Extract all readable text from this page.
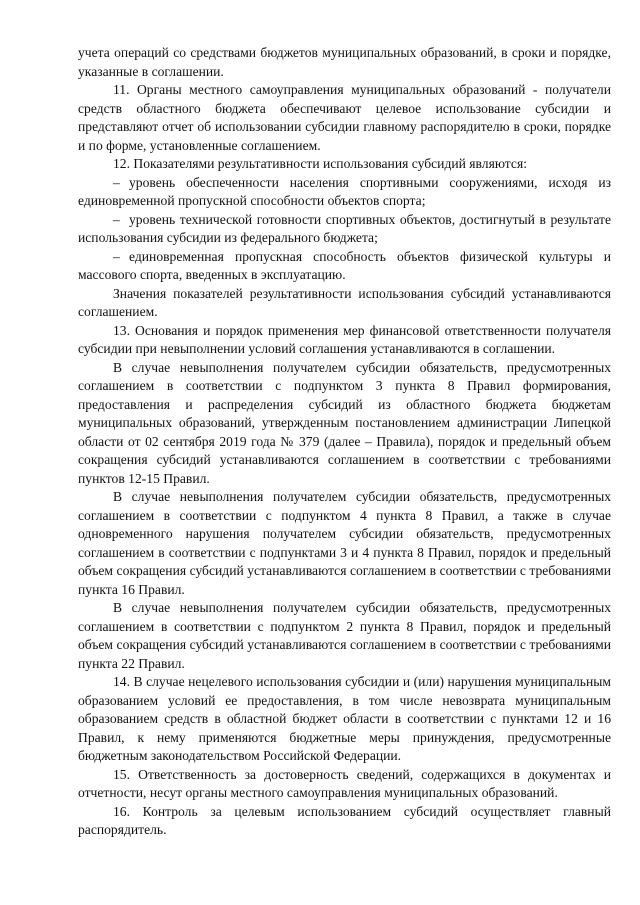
учета операций со средствами бюджетов муниципальных образований, в сроки и порядке, указанные в соглашении.

11. Органы местного самоуправления муниципальных образований - получатели средств областного бюджета обеспечивают целевое использование субсидии и представляют отчет об использовании субсидии главному распорядителю в сроки, порядке и по форме, установленные соглашением.

12. Показателями результативности использования субсидий являются:

– уровень обеспеченности населения спортивными сооружениями, исходя из единовременной пропускной способности объектов спорта;

– уровень технической готовности спортивных объектов, достигнутый в результате использования субсидии из федерального бюджета;

– единовременная пропускная способность объектов физической культуры и массового спорта, введенных в эксплуатацию.

Значения показателей результативности использования субсидий устанавливаются соглашением.

13. Основания и порядок применения мер финансовой ответственности получателя субсидии при невыполнении условий соглашения устанавливаются в соглашении.

В случае невыполнения получателем субсидии обязательств, предусмотренных соглашением в соответствии с подпунктом 3 пункта 8 Правил формирования, предоставления и распределения субсидий из областного бюджета бюджетам муниципальных образований, утвержденным постановлением администрации Липецкой области от 02 сентября 2019 года № 379 (далее – Правила), порядок и предельный объем сокращения субсидий устанавливаются соглашением в соответствии с требованиями пунктов 12-15 Правил.

В случае невыполнения получателем субсидии обязательств, предусмотренных соглашением в соответствии с подпунктом 4 пункта 8 Правил, а также в случае одновременного нарушения получателем субсидии обязательств, предусмотренных соглашением в соответствии с подпунктами 3 и 4 пункта 8 Правил, порядок и предельный объем сокращения субсидий устанавливаются соглашением в соответствии с требованиями пункта 16 Правил.

В случае невыполнения получателем субсидии обязательств, предусмотренных соглашением в соответствии с подпунктом 2 пункта 8 Правил, порядок и предельный объем сокращения субсидий устанавливаются соглашением в соответствии с требованиями пункта 22 Правил.

14. В случае нецелевого использования субсидии и (или) нарушения муниципальным образованием условий ее предоставления, в том числе невозврата муниципальным образованием средств в областной бюджет области в соответствии с пунктами 12 и 16 Правил, к нему применяются бюджетные меры принуждения, предусмотренные бюджетным законодательством Российской Федерации.

15. Ответственность за достоверность сведений, содержащихся в документах и отчетности, несут органы местного самоуправления муниципальных образований.

16. Контроль за целевым использованием субсидий осуществляет главный распорядитель.
